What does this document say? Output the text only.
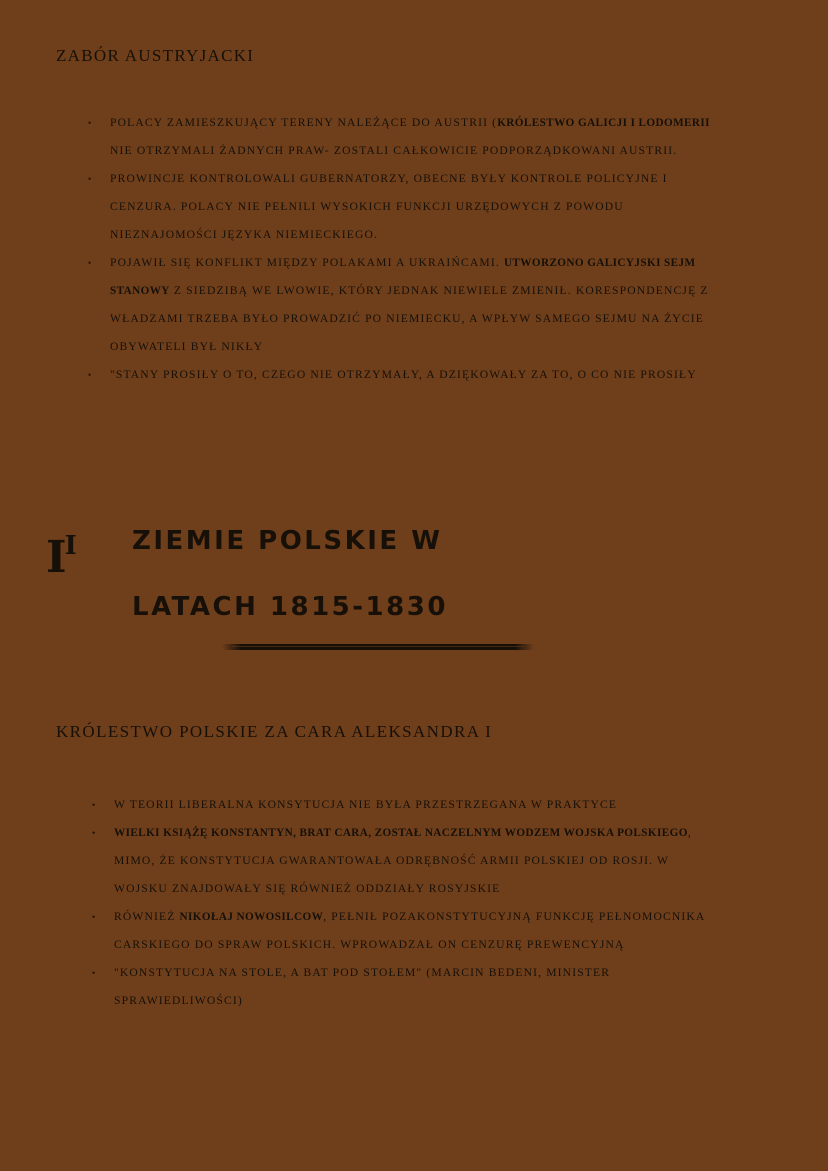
ZABÓR AUSTRYJACKI
• POLACY ZAMIESZKUJĄCY TERENY NALEŻĄCE DO AUSTRII (KRÓLESTWO GALICJI I LODOMERII NIE OTRZYMALI ŻADNYCH PRAW- ZOSTALI CAŁKOWICIE PODPORZĄDKOWANI AUSTRII.
• PROWINCJE KONTROLOWALI GUBERNATORZY, OBECNE BYŁY KONTROLE POLICYJNE I CENZURA. POLACY NIE PEŁNILI WYSOKICH FUNKCJI URZĘDOWYCH Z POWODU NIEZNAJOMOŚCI JĘZYKA NIEMIECKIEGO.
• POJAWIŁ SIĘ KONFLIKT MIĘDZY POLAKAMI A UKRAIŃCAMI. UTWORZONO GALICYJSKI SEJM STANOWY Z SIEDZIBĄ WE LWOWIE, KTÓRY JEDNAK NIEWIELE ZMIENIŁ. KORESPONDENCJĘ Z WŁADZAMI TRZEBA BYŁO PROWADZIĆ PO NIEMIECKU, A WPŁYW SAMEGO SEJMU NA ŻYCIE OBYWATELI BYŁ NIKŁY
• "STANY PROSIŁY O TO, CZEGO NIE OTRZYMAŁY, A DZIĘKOWAŁY ZA TO, O CO NIE PROSIŁY
$I^I$ ZIEMIE POLSKIE W
LATACH 1815-1830
KRÓLESTWO POLSKIE ZA CARA ALEKSANDRA I
• W TEORII LIBERALNA KONSYTUCJA NIE BYŁA PRZESTRZEGANA W PRAKTYCE
• WIELKI KSIĄŻĘ KONSTANTYN, BRAT CARA, ZOSTAŁ NACZELNYM WODZEM WOJSKA POLSKIEGO, MIMO, ŻE KONSTYTUCJA GWARANTOWAŁA ODRĘBNOŚĆ ARMII POLSKIEJ OD ROSJI. W WOJSKU ZNAJDOWAŁY SIĘ RÓWNIEŻ ODDZIAŁY ROSYJSKIE
• RÓWNIEŻ NIKOŁAJ NOWOSILCOW, PEŁNIŁ POZAKONSTYTUCYJNĄ FUNKCJĘ PEŁNOMOCNIKA CARSKIEGO DO SPRAW POLSKICH. WPROWADZAŁ ON CENZURĘ PREWENCYJNĄ
• "KONSTYTUCJA NA STOLE, A BAT POD STOŁEM" (MARCIN BEDENI, MINISTER SPRAWIEDLIWOŚCI)
